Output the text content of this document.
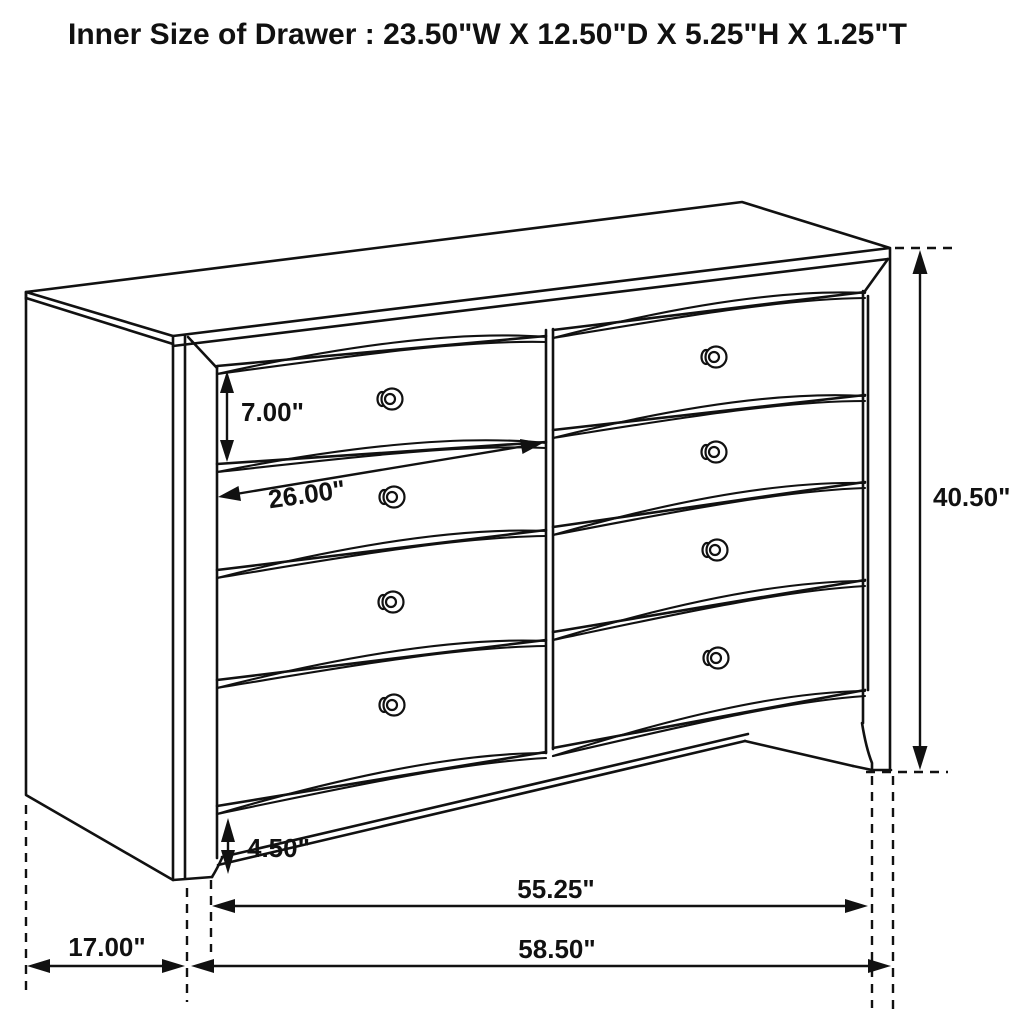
Inner Size of Drawer : 23.50"W X 12.50"D X 5.25"H X 1.25"T
7.00"
26.00"	40.50"
4.50"
55.25"
58.50"
17.00"
